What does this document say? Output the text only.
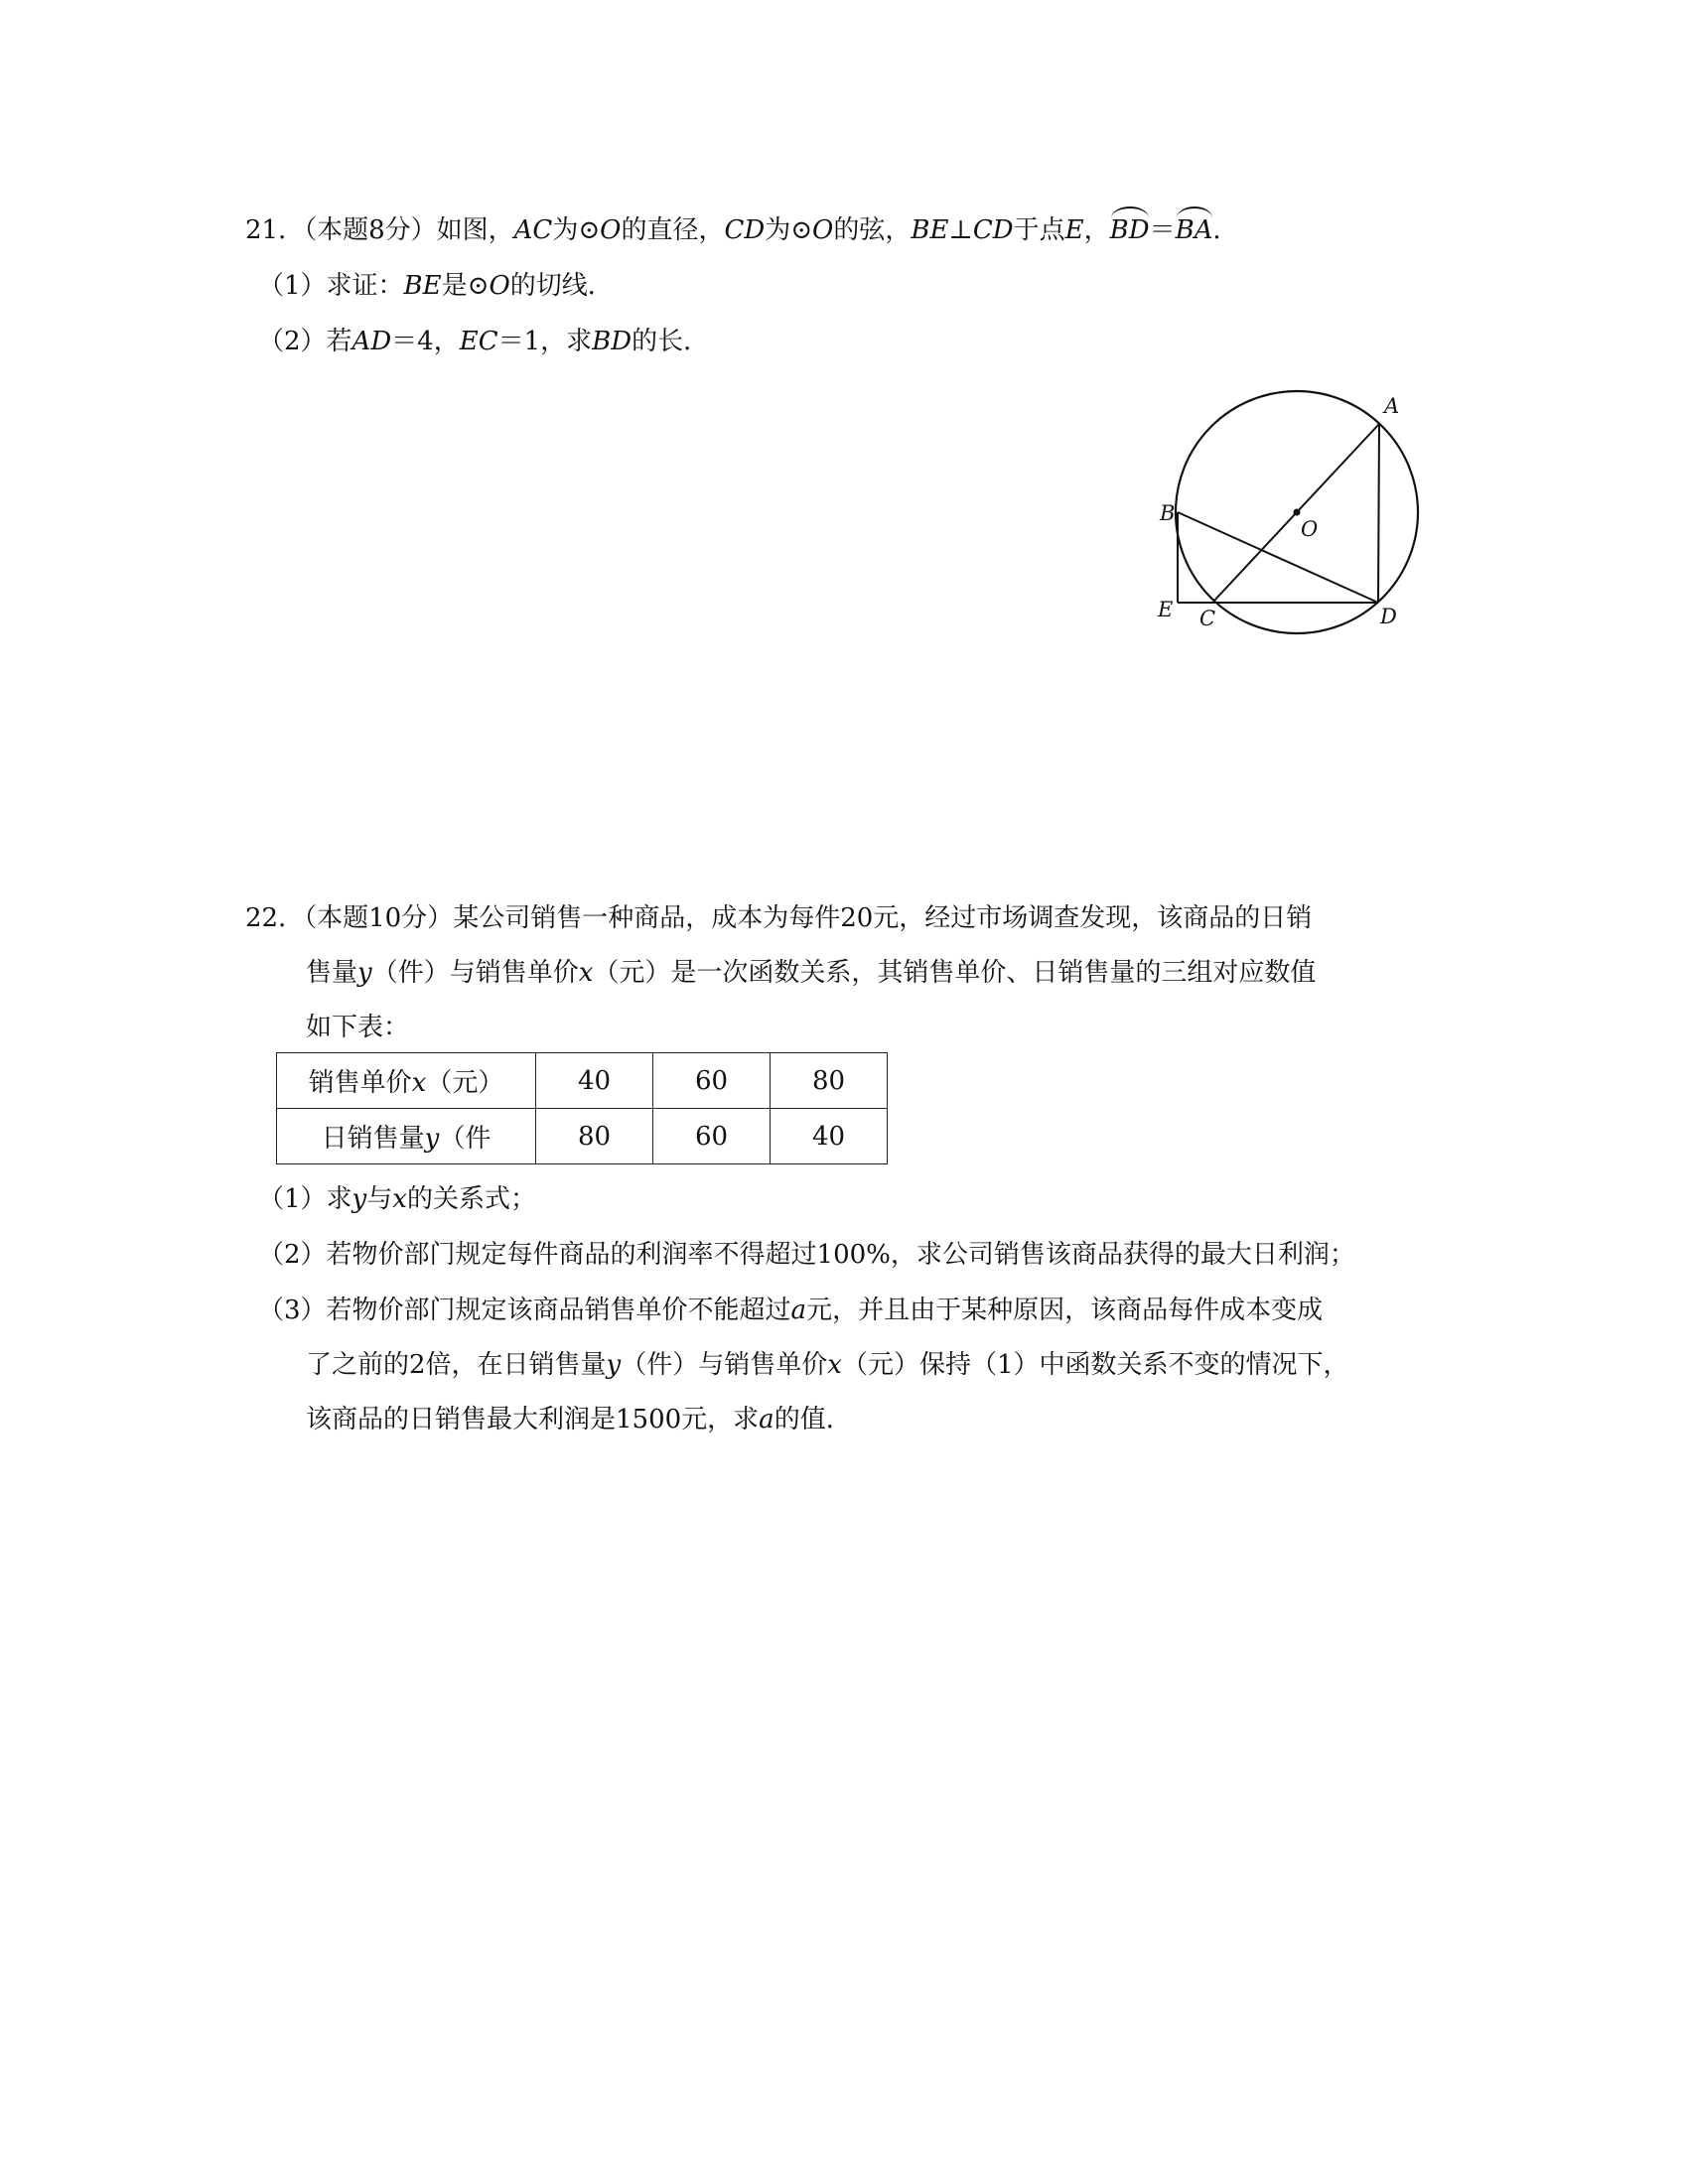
21．（本题8分）如图，AC为⊙O的直径，CD为⊙O的弦，BE⊥CD于点E，BD＝BA．
（1）求证：BE是⊙O的切线．
（2）若AD＝4，EC＝1，求BD的长．
A
B
O
E C	D
22．（本题10分）某公司销售一种商品，成本为每件20元，经过市场调查发现，该商品的日销
售量y（件）与销售单价x（元）是一次函数关系，其销售单价、日销售量的三组对应数值
如下表：
销售单价x（元）	40	60	80
日销售量y（件	80	60	40
（1）求y与x的关系式；
（2）若物价部门规定每件商品的利润率不得超过100%，求公司销售该商品获得的最大日利润；
（3）若物价部门规定该商品销售单价不能超过a元，并且由于某种原因，该商品每件成本变成
了之前的2倍，在日销售量y（件）与销售单价x（元）保持（1）中函数关系不变的情况下，
该商品的日销售最大利润是1500元，求a的值．
